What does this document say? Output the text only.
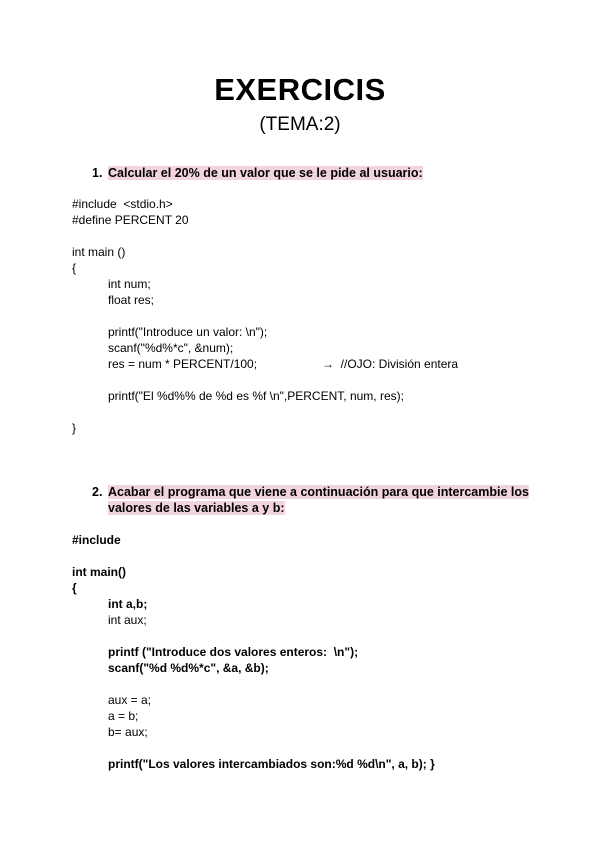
EXERCICIS
(TEMA:2)
1. Calcular el 20% de un valor que se le pide al usuario:

#include  <stdio.h>

#define PERCENT 20

int main ()

{

int num;

float res;

printf("Introduce un valor: \n");

scanf("%d%*c", &num);

res = num * PERCENT/100;

	→  //OJO: División entera

printf("El %d%% de %d es %f \n",PERCENT, num, res);

}

2. Acabar el programa que viene a continuación para que intercambie los
valores de las variables a y b:

#include

int main()

{

int a,b;

int aux;

printf ("Introduce dos valores enteros:  \n");

scanf("%d %d%*c", &a, &b);

aux = a;

a = b;

b= aux;

printf("Los valores intercambiados son:%d %d\n", a, b); }
